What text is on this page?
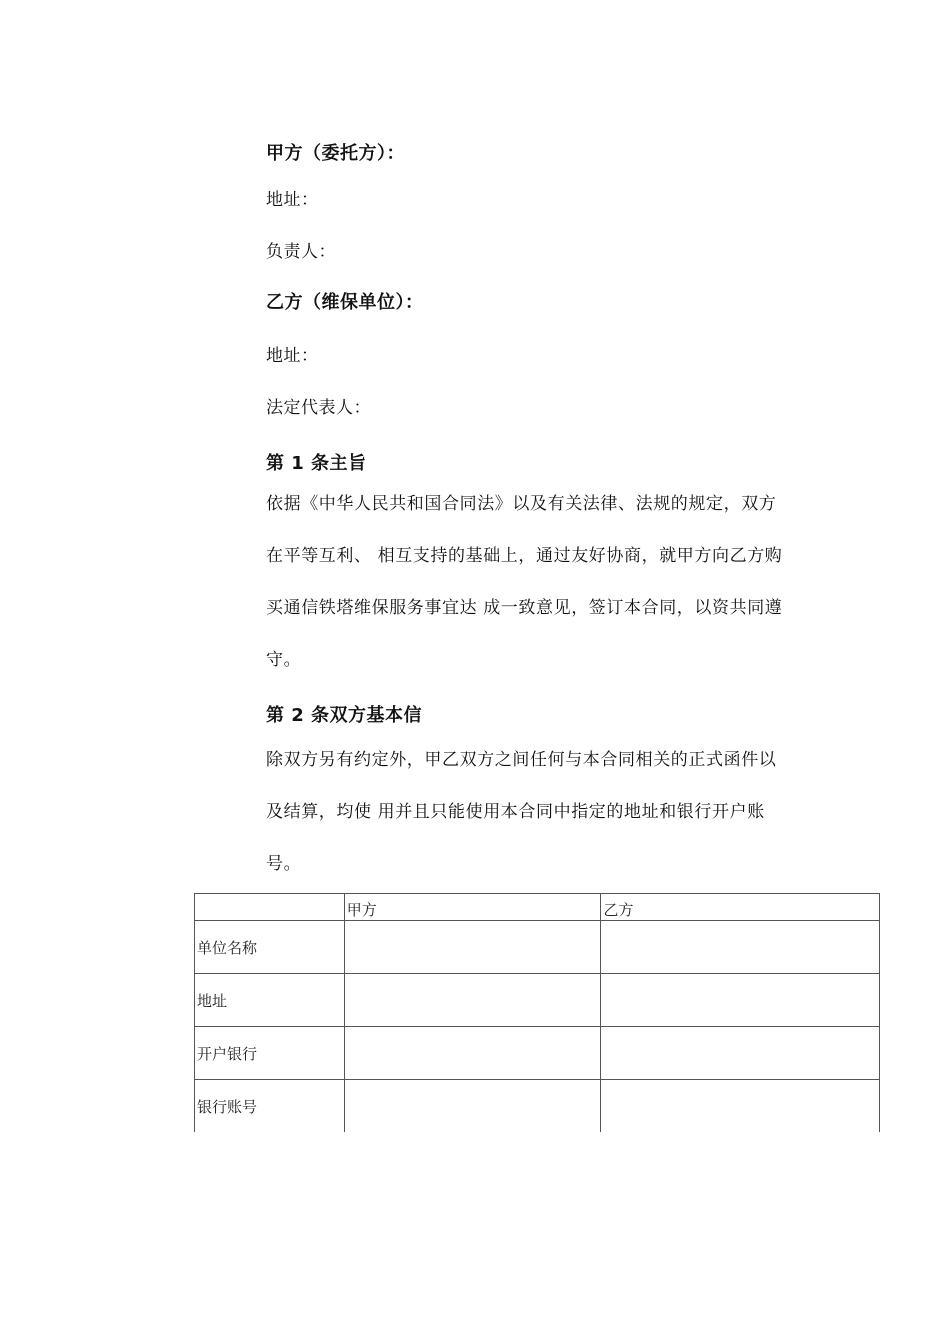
甲方（委托方）：
地址：
负责人：
乙方（维保单位）：
地址：
法定代表人：
第 1 条主旨
依据《中华人民共和国合同法》以及有关法律、法规的规定，双方
在平等互利、 相互支持的基础上，通过友好协商，就甲方向乙方购
买通信铁塔维保服务事宜达 成一致意见，签订本合同，以资共同遵
守。
第 2 条双方基本信
除双方另有约定外，甲乙双方之间任何与本合同相关的正式函件以
及结算，均使 用并且只能使用本合同中指定的地址和银行开户账
号。
	甲方	乙方
单位名称		
地址		
开户银行		
银行账号		
